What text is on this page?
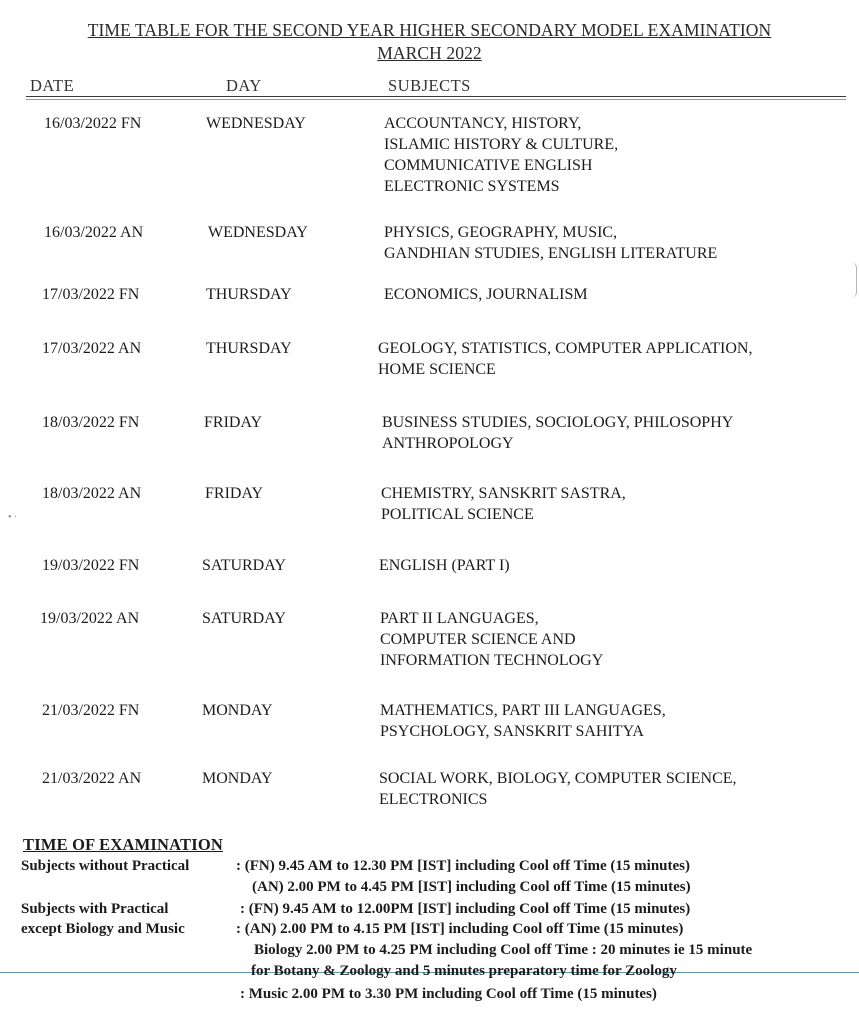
TIME TABLE FOR THE SECOND YEAR HIGHER SECONDARY MODEL EXAMINATION
MARCH 2022
DATE	DAY	SUBJECTS
16/03/2022 FN	WEDNESDAY	ACCOUNTANCY, HISTORY,
ISLAMIC HISTORY & CULTURE,
COMMUNICATIVE ENGLISH
ELECTRONIC SYSTEMS
16/03/2022 AN	WEDNESDAY	PHYSICS, GEOGRAPHY, MUSIC,
GANDHIAN STUDIES, ENGLISH LITERATURE
17/03/2022 FN	THURSDAY	ECONOMICS, JOURNALISM
17/03/2022 AN	THURSDAY	GEOLOGY, STATISTICS, COMPUTER APPLICATION,
HOME SCIENCE
18/03/2022 FN	FRIDAY	BUSINESS STUDIES, SOCIOLOGY, PHILOSOPHY
ANTHROPOLOGY
18/03/2022 AN	FRIDAY	CHEMISTRY, SANSKRIT SASTRA,
POLITICAL SCIENCE
19/03/2022 FN	SATURDAY	ENGLISH (PART I)
19/03/2022 AN	SATURDAY	PART II LANGUAGES,
COMPUTER SCIENCE AND
INFORMATION TECHNOLOGY
21/03/2022 FN	MONDAY	MATHEMATICS, PART III LANGUAGES,
PSYCHOLOGY, SANSKRIT SAHITYA
21/03/2022 AN	MONDAY	SOCIAL WORK, BIOLOGY, COMPUTER SCIENCE,
ELECTRONICS
TIME OF EXAMINATION
Subjects without Practical	: (FN) 9.45 AM to 12.30 PM [IST] including Cool off Time (15 minutes)
(AN) 2.00 PM to 4.45 PM [IST] including Cool off Time (15 minutes)
Subjects with Practical	: (FN) 9.45 AM to 12.00PM [IST] including Cool off Time (15 minutes)
except Biology and Music	: (AN) 2.00 PM to 4.15 PM [IST] including Cool off Time (15 minutes)
Biology 2.00 PM to 4.25 PM including Cool off Time : 20 minutes ie 15 minute
for Botany & Zoology and 5 minutes preparatory time for Zoology
: Music 2.00 PM to 3.30 PM including Cool off Time (15 minutes)
• ·
